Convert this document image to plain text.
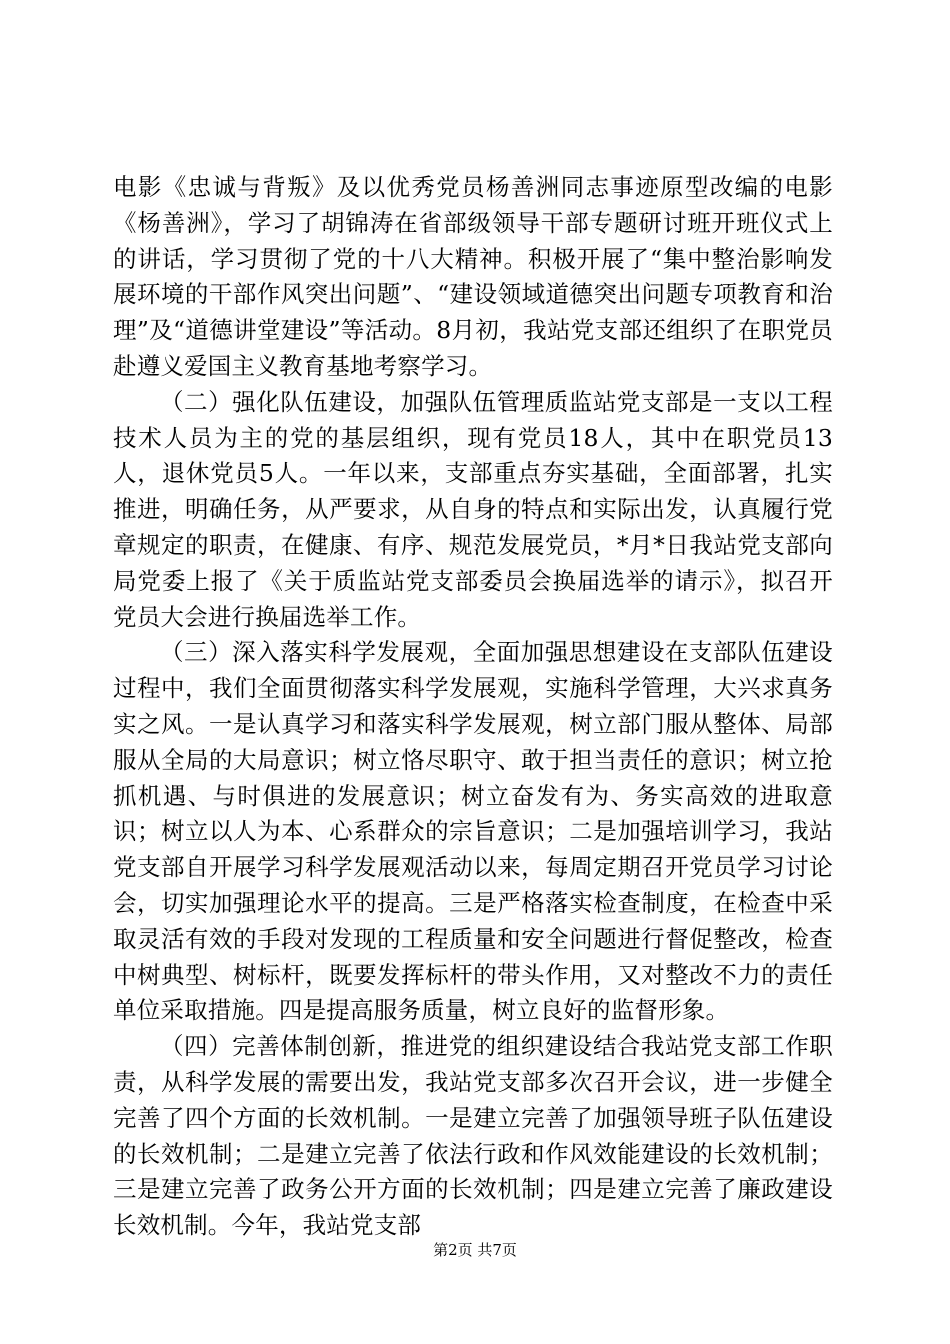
电影《忠诚与背叛》及以优秀党员杨善洲同志事迹原型改编的电影《杨善洲》，学习了胡锦涛在省部级领导干部专题研讨班开班仪式上的讲话，学习贯彻了党的十八大精神。积极开展了“集中整治影响发展环境的干部作风突出问题”、“建设领域道德突出问题专项教育和治理”及“道德讲堂建设”等活动。8月初，我站党支部还组织了在职党员赴遵义爱国主义教育基地考察学习。

（二）强化队伍建设，加强队伍管理质监站党支部是一支以工程技术人员为主的党的基层组织，现有党员18人，其中在职党员13人，退休党员5人。一年以来，支部重点夯实基础，全面部署，扎实推进，明确任务，从严要求，从自身的特点和实际出发，认真履行党章规定的职责，在健康、有序、规范发展党员，*月*日我站党支部向局党委上报了《关于质监站党支部委员会换届选举的请示》，拟召开党员大会进行换届选举工作。

（三）深入落实科学发展观，全面加强思想建设在支部队伍建设过程中，我们全面贯彻落实科学发展观，实施科学管理，大兴求真务实之风。一是认真学习和落实科学发展观，树立部门服从整体、局部服从全局的大局意识；树立恪尽职守、敢于担当责任的意识；树立抢抓机遇、与时俱进的发展意识；树立奋发有为、务实高效的进取意识；树立以人为本、心系群众的宗旨意识；二是加强培训学习，我站党支部自开展学习科学发展观活动以来，每周定期召开党员学习讨论会，切实加强理论水平的提高。三是严格落实检查制度，在检查中采取灵活有效的手段对发现的工程质量和安全问题进行督促整改，检查中树典型、树标杆，既要发挥标杆的带头作用，又对整改不力的责任单位采取措施。四是提高服务质量，树立良好的监督形象。

（四）完善体制创新，推进党的组织建设结合我站党支部工作职责，从科学发展的需要出发，我站党支部多次召开会议，进一步健全完善了四个方面的长效机制。一是建立完善了加强领导班子队伍建设的长效机制；二是建立完善了依法行政和作风效能建设的长效机制；三是建立完善了政务公开方面的长效机制；四是建立完善了廉政建设长效机制。今年，我站党支部

第2页 共7页
